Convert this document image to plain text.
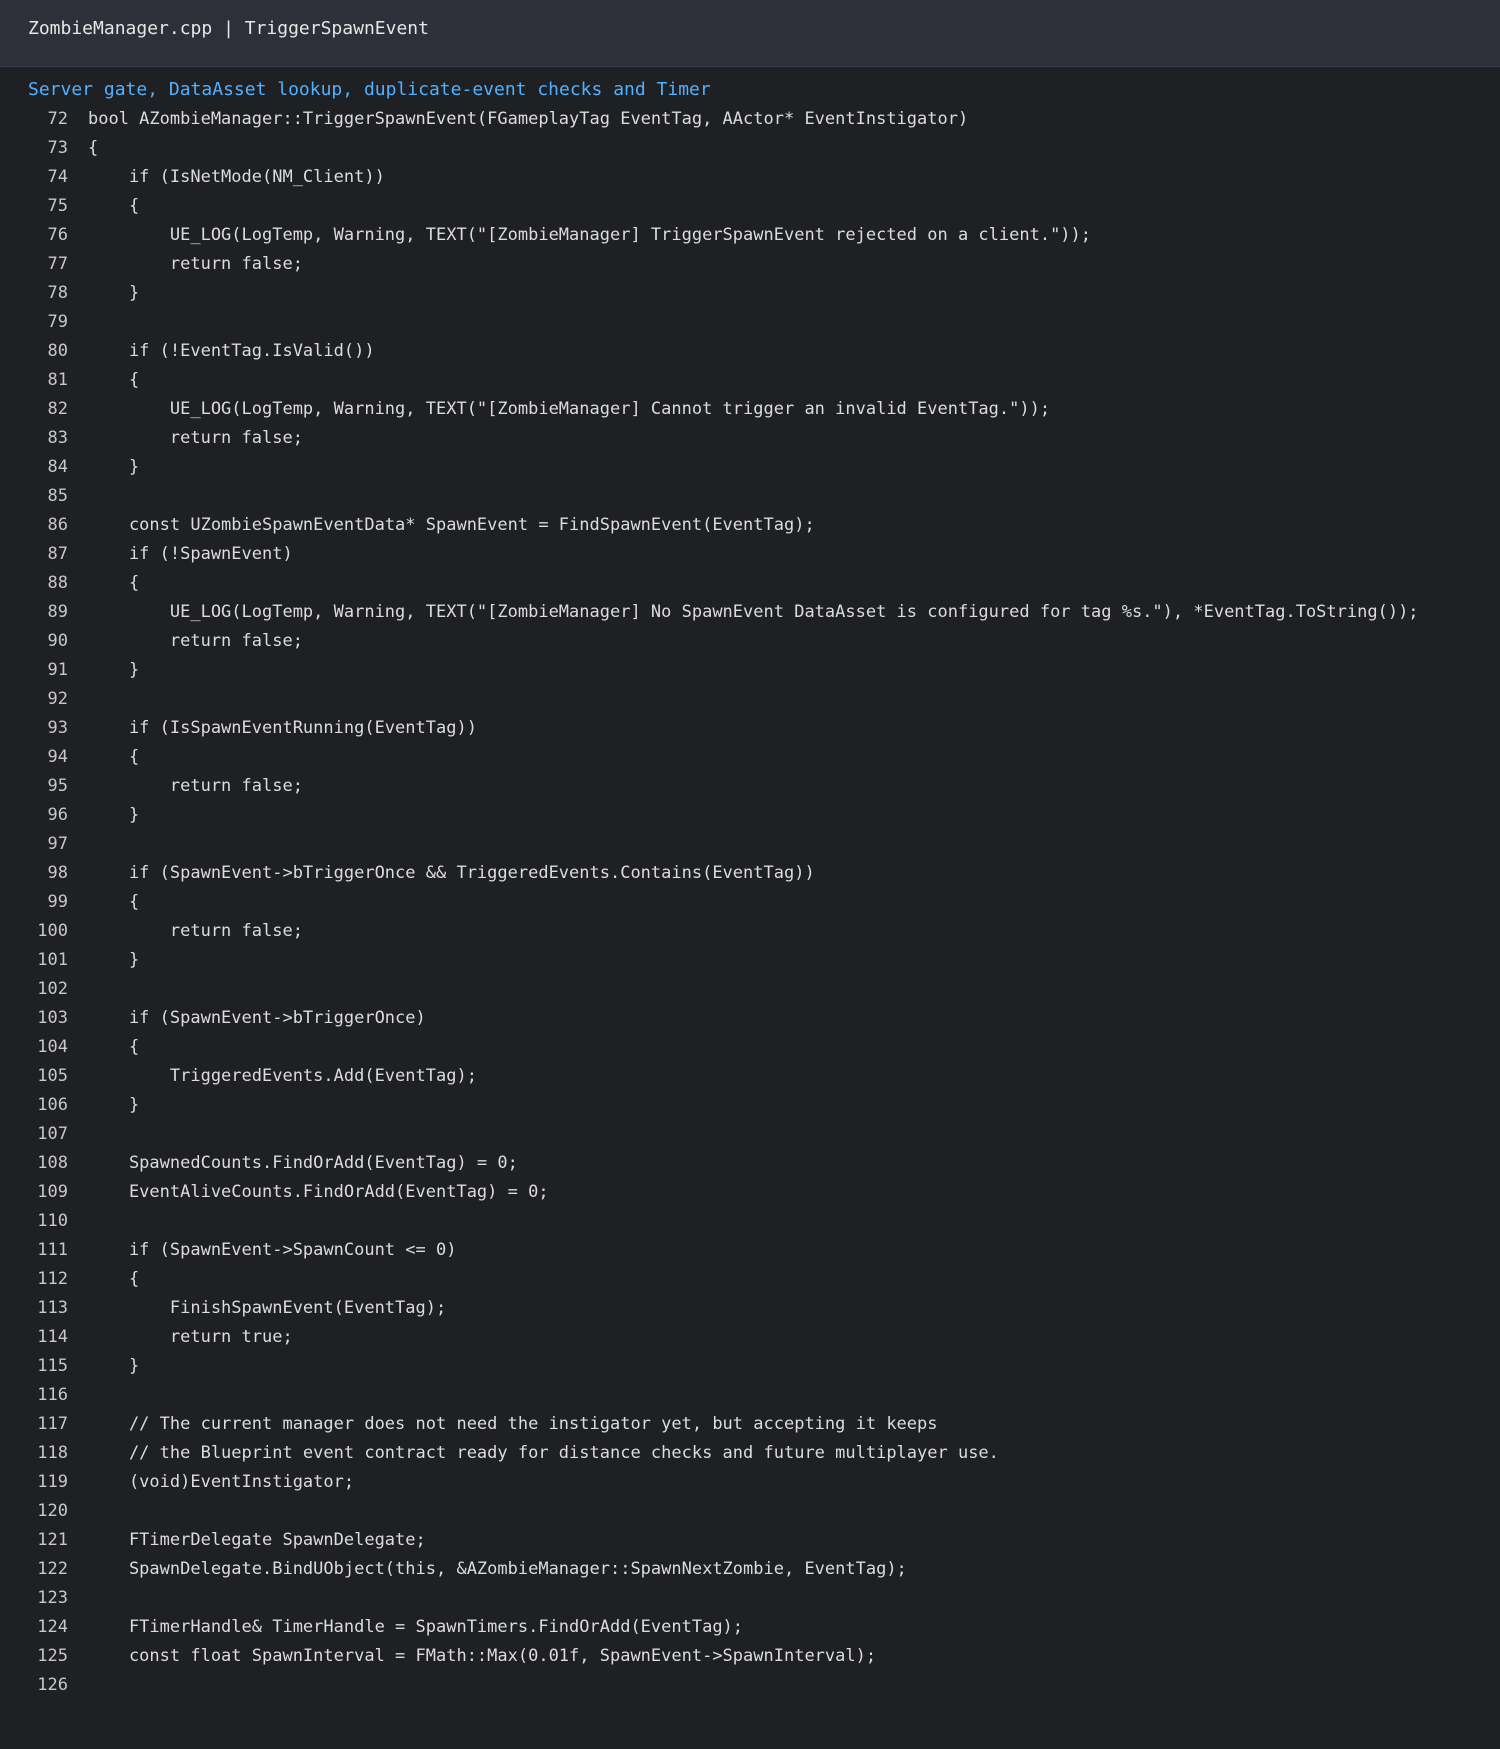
ZombieManager.cpp | TriggerSpawnEvent
Server gate, DataAsset lookup, duplicate-event checks and Timer
72 bool AZombieManager::TriggerSpawnEvent(FGameplayTag EventTag, AActor* EventInstigator)
73 {
74 if (IsNetMode(NM_Client))
75 {
76 UE_LOG(LogTemp, Warning, TEXT("[ZombieManager] TriggerSpawnEvent rejected on a client."));
77 return false;
78 }
79
80 if (!EventTag.IsValid())
81 {
82 UE_LOG(LogTemp, Warning, TEXT("[ZombieManager] Cannot trigger an invalid EventTag."));
83 return false;
84 }
85
86 const UZombieSpawnEventData* SpawnEvent = FindSpawnEvent(EventTag);
87 if (!SpawnEvent)
88 {
89 UE_LOG(LogTemp, Warning, TEXT("[ZombieManager] No SpawnEvent DataAsset is configured for tag %s."), *EventTag.ToString());
90 return false;
91 }
92
93 if (IsSpawnEventRunning(EventTag))
94 {
95 return false;
96 }
97
98 if (SpawnEvent->bTriggerOnce && TriggeredEvents.Contains(EventTag))
99 {
100 return false;
101 }
102
103 if (SpawnEvent->bTriggerOnce)
104 {
105 TriggeredEvents.Add(EventTag);
106 }
107
108 SpawnedCounts.FindOrAdd(EventTag) = 0;
109 EventAliveCounts.FindOrAdd(EventTag) = 0;
110
111 if (SpawnEvent->SpawnCount <= 0)
112 {
113 FinishSpawnEvent(EventTag);
114 return true;
115 }
116
117 // The current manager does not need the instigator yet, but accepting it keeps
118 // the Blueprint event contract ready for distance checks and future multiplayer use.
119 (void)EventInstigator;
120
121 FTimerDelegate SpawnDelegate;
122 SpawnDelegate.BindUObject(this, &AZombieManager::SpawnNextZombie, EventTag);
123
124 FTimerHandle& TimerHandle = SpawnTimers.FindOrAdd(EventTag);
125 const float SpawnInterval = FMath::Max(0.01f, SpawnEvent->SpawnInterval);
126
